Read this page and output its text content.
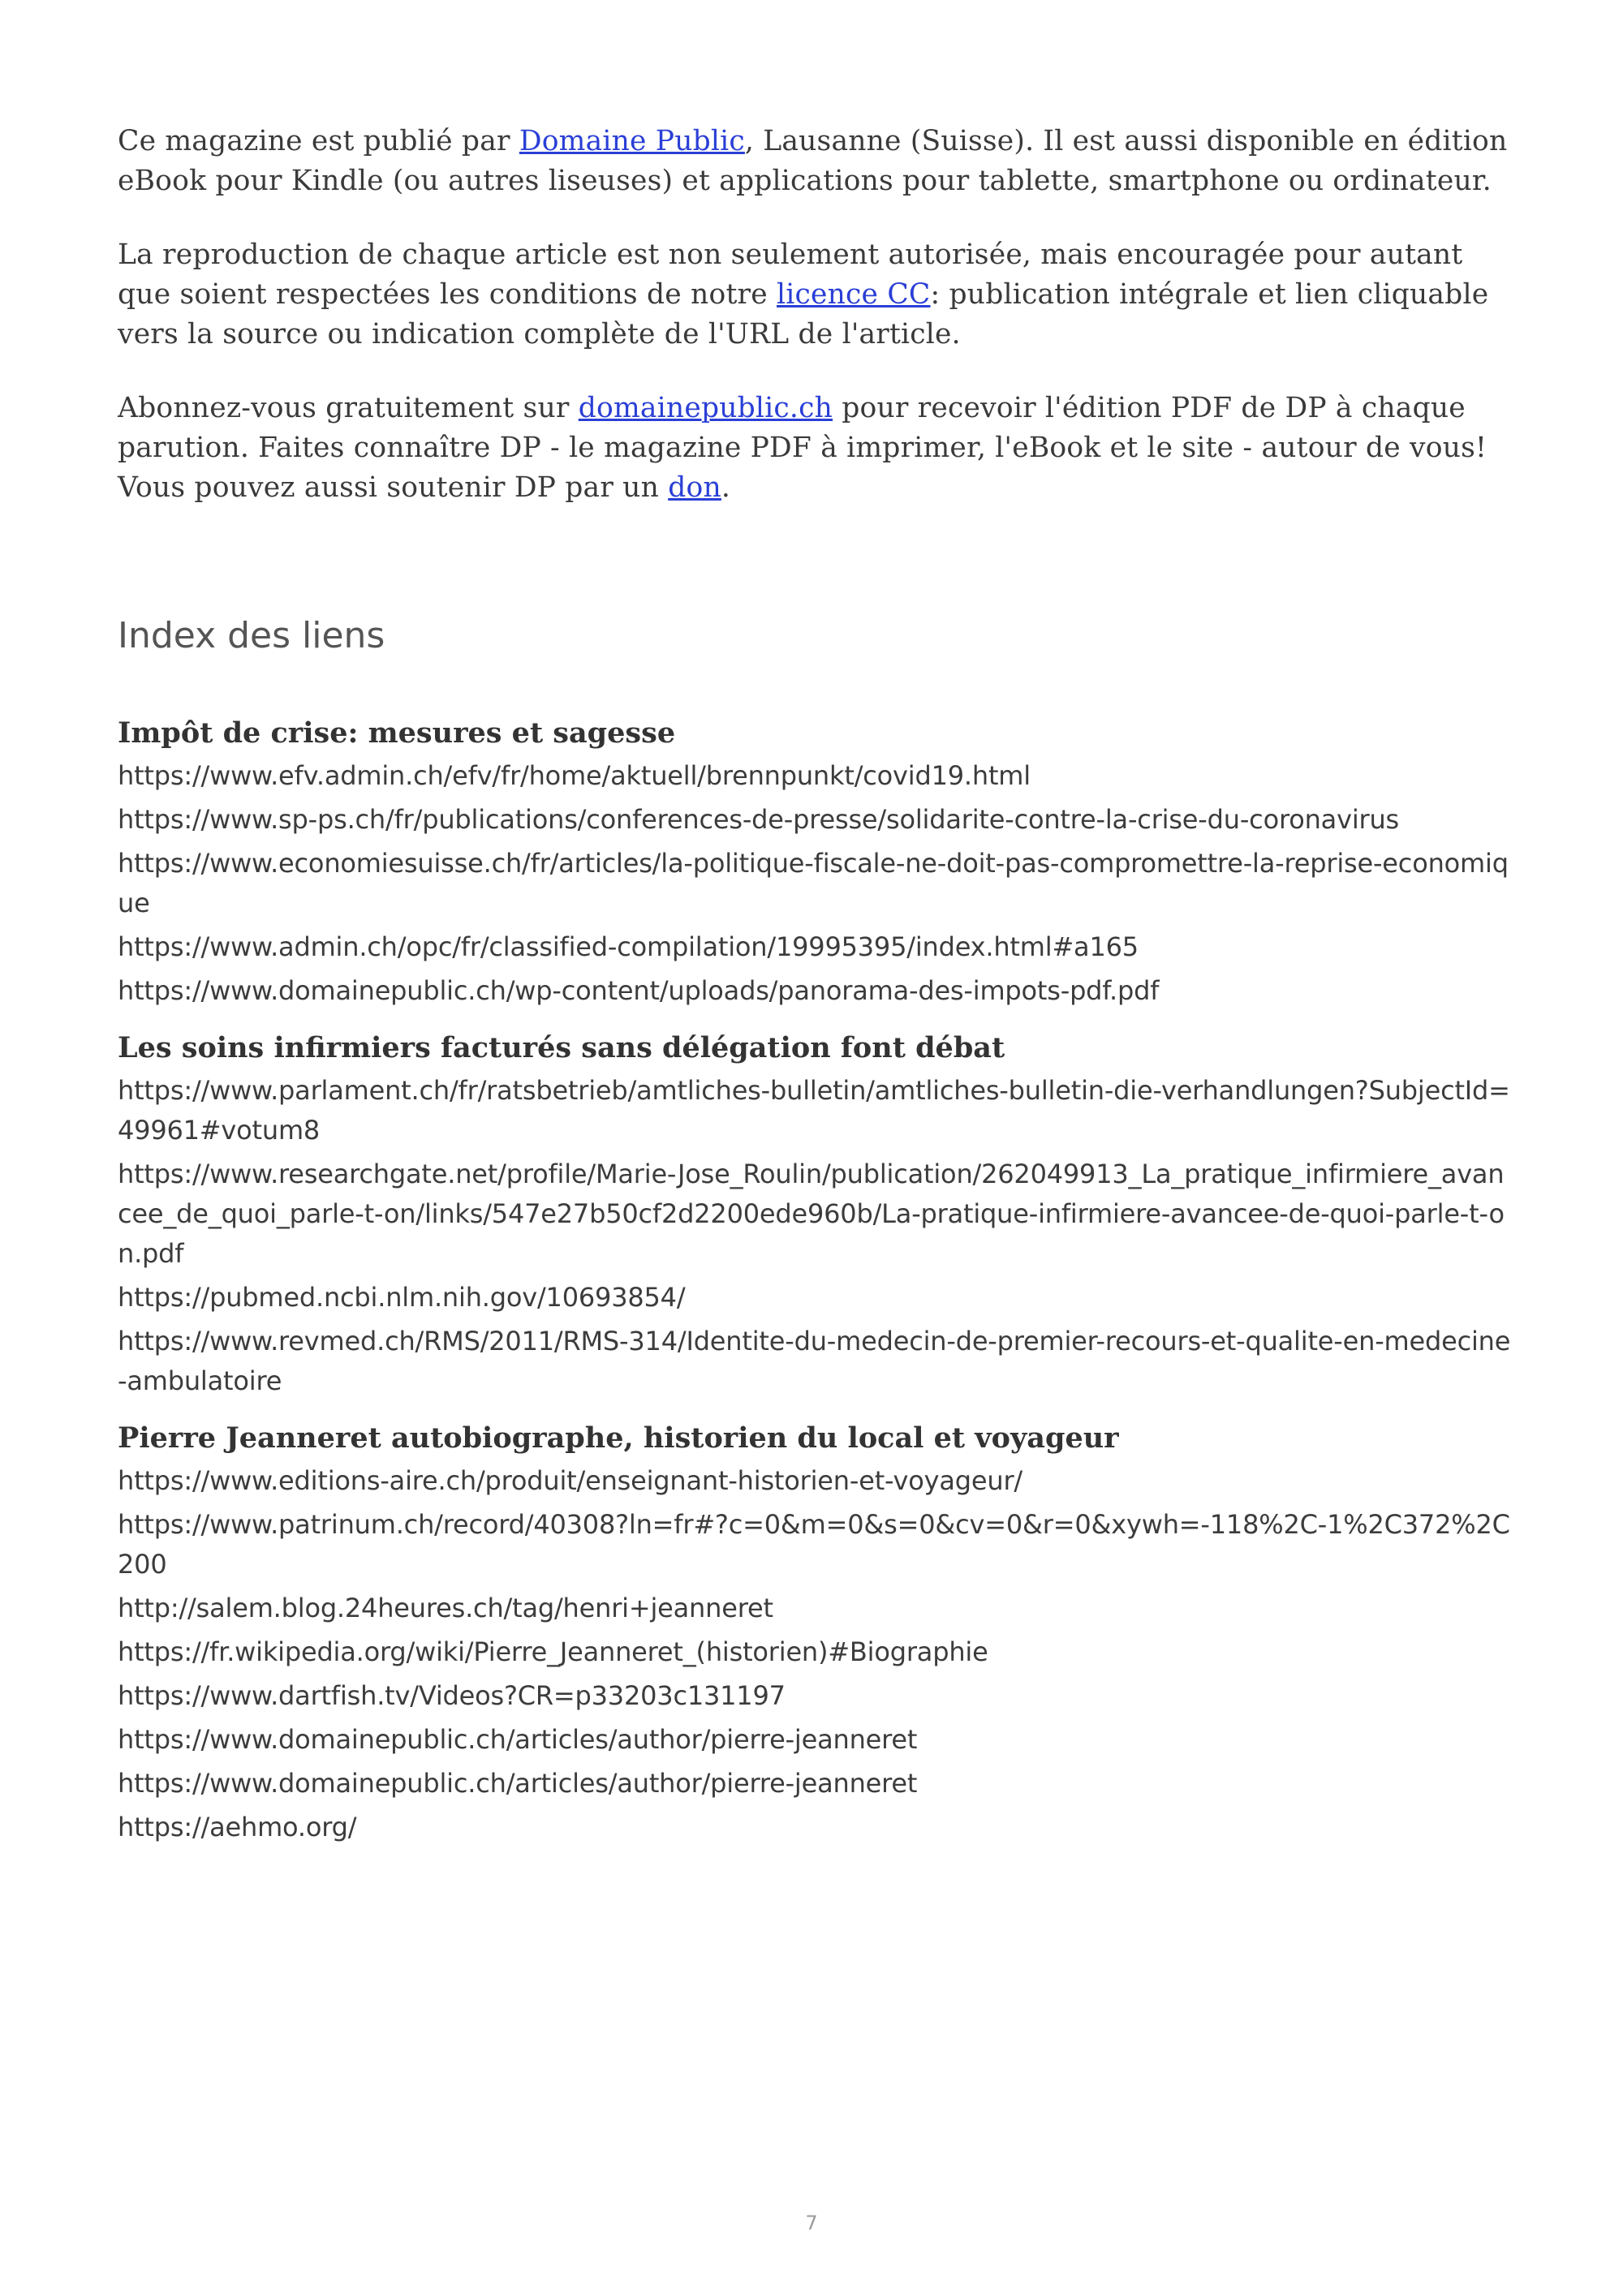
Ce magazine est publié par Domaine Public, Lausanne (Suisse). Il est aussi disponible en édition eBook pour Kindle (ou autres liseuses) et applications pour tablette, smartphone ou ordinateur.

La reproduction de chaque article est non seulement autorisée, mais encouragée pour autant que soient respectées les conditions de notre licence CC: publication intégrale et lien cliquable vers la source ou indication complète de l'URL de l'article.

Abonnez-vous gratuitement sur domainepublic.ch pour recevoir l'édition PDF de DP à chaque parution. Faites connaître DP - le magazine PDF à imprimer, l'eBook et le site - autour de vous! Vous pouvez aussi soutenir DP par un don.

Index des liens
Impôt de crise: mesures et sagesse
https://www.efv.admin.ch/efv/fr/home/aktuell/brennpunkt/covid19.html
https://www.sp-ps.ch/fr/publications/conferences-de-presse/solidarite-contre-la-crise-du-coronavirus
https://www.economiesuisse.ch/fr/articles/la-politique-fiscale-ne-doit-pas-compromettre-la-reprise-economique
https://www.admin.ch/opc/fr/classified-compilation/19995395/index.html#a165
https://www.domainepublic.ch/wp-content/uploads/panorama-des-impots-pdf.pdf
Les soins infirmiers facturés sans délégation font débat
https://www.parlament.ch/fr/ratsbetrieb/amtliches-bulletin/amtliches-bulletin-die-verhandlungen?SubjectId=49961#votum8
https://www.researchgate.net/profile/Marie-Jose_Roulin/publication/262049913_La_pratique_infirmiere_avancee_de_quoi_parle-t-on/links/547e27b50cf2d2200ede960b/La-pratique-infirmiere-avancee-de-quoi-parle-t-on.pdf
https://pubmed.ncbi.nlm.nih.gov/10693854/
https://www.revmed.ch/RMS/2011/RMS-314/Identite-du-medecin-de-premier-recours-et-qualite-en-medecine-ambulatoire
Pierre Jeanneret autobiographe, historien du local et voyageur
https://www.editions-aire.ch/produit/enseignant-historien-et-voyageur/
https://www.patrinum.ch/record/40308?ln=fr#?c=0&m=0&s=0&cv=0&r=0&xywh=-118%2C-1%2C372%2C200
http://salem.blog.24heures.ch/tag/henri+jeanneret
https://fr.wikipedia.org/wiki/Pierre_Jeanneret_(historien)#Biographie
https://www.dartfish.tv/Videos?CR=p33203c131197
https://www.domainepublic.ch/articles/author/pierre-jeanneret
https://www.domainepublic.ch/articles/author/pierre-jeanneret
https://aehmo.org/
7
